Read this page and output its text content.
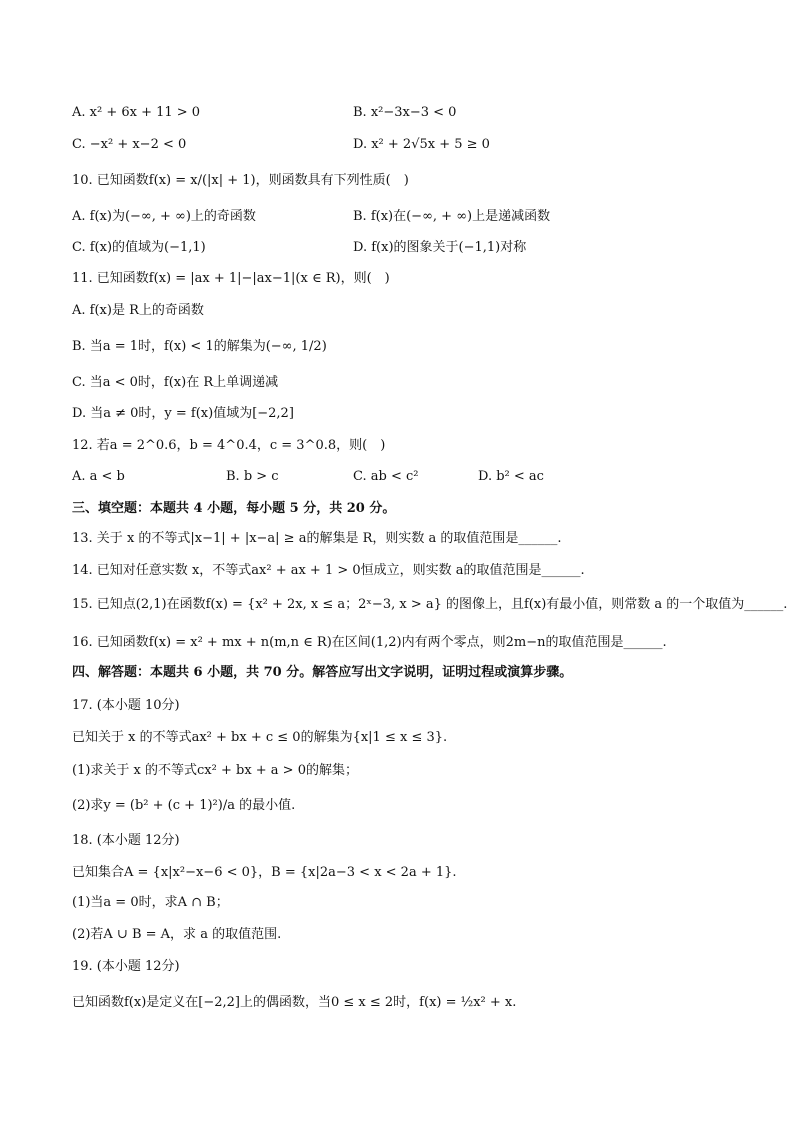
A. x² + 6x + 11 > 0	B. x²−3x−3 < 0
C. −x² + x−2 < 0	D. x² + 2√5x + 5 ≥ 0
10. 已知函数f(x) = x/(|x| + 1)，则函数具有下列性质(　)
A. f(x)为(−∞, + ∞)上的奇函数	B. f(x)在(−∞, + ∞)上是递减函数
C. f(x)的值域为(−1,1)	D. f(x)的图象关于(−1,1)对称
11. 已知函数f(x) = |ax + 1|−|ax−1|(x ∈ R)，则(　)
A. f(x)是 R上的奇函数
B. 当a = 1时，f(x) < 1的解集为(−∞, 1/2)
C. 当a < 0时，f(x)在 R上单调递减
D. 当a ≠ 0时，y = f(x)值域为[−2,2]
12. 若a = 2^0.6，b = 4^0.4，c = 3^0.8，则(　)
A. a < b	B. b > c	C. ab < c²	D. b² < ac
三、填空题：本题共 4 小题，每小题 5 分，共 20 分。
13. 关于 x 的不等式|x−1| + |x−a| ≥ a的解集是 R，则实数 a 的取值范围是______.
14. 已知对任意实数 x，不等式ax² + ax + 1 > 0恒成立，则实数 a的取值范围是______.
15. 已知点(2,1)在函数f(x) = {x² + 2x, x ≤ a；2ˣ−3, x > a} 的图像上，且f(x)有最小值，则常数 a 的一个取值为______.
16. 已知函数f(x) = x² + mx + n(m,n ∈ R)在区间(1,2)内有两个零点，则2m−n的取值范围是______.
四、解答题：本题共 6 小题，共 70 分。解答应写出文字说明，证明过程或演算步骤。
17. (本小题 10分)
已知关于 x 的不等式ax² + bx + c ≤ 0的解集为{x|1 ≤ x ≤ 3}.
(1)求关于 x 的不等式cx² + bx + a > 0的解集；
(2)求y = (b² + (c + 1)²)/a 的最小值.
18. (本小题 12分)
已知集合A = {x|x²−x−6 < 0}，B = {x|2a−3 < x < 2a + 1}.
(1)当a = 0时，求A ∩ B；
(2)若A ∪ B = A，求 a 的取值范围.
19. (本小题 12分)
已知函数f(x)是定义在[−2,2]上的偶函数，当0 ≤ x ≤ 2时，f(x) = ½x² + x.
